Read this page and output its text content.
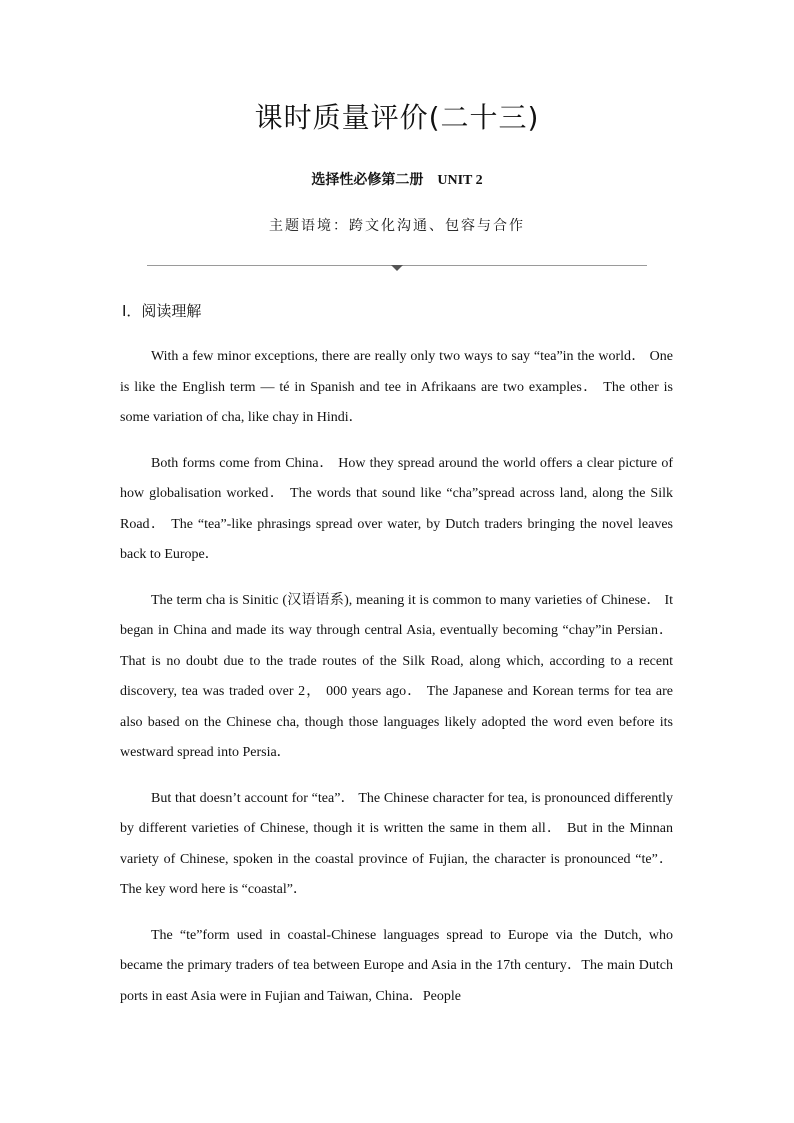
课时质量评价(二十三)
选择性必修第二册 UNIT 2
主题语境：跨文化沟通、包容与合作
Ⅰ．阅读理解

With a few minor exceptions, there are really only two ways to say “tea”in the world． One is like the English term — té in Spanish and tee in Afrikaans are two examples． The other is some variation of cha, like chay in Hindi．

Both forms come from China． How they spread around the world offers a clear picture of how globalisation worked． The words that sound like “cha”spread across land, along the Silk Road． The “tea”-like phrasings spread over water, by Dutch traders bringing the novel leaves back to Europe．

The term cha is Sinitic (汉语语系), meaning it is common to many varieties of Chinese． It began in China and made its way through central Asia, eventually becoming “chay”in Persian． That is no doubt due to the trade routes of the Silk Road, along which, according to a recent discovery, tea was traded over 2， 000 years ago． The Japanese and Korean terms for tea are also based on the Chinese cha, though those languages likely adopted the word even before its westward spread into Persia．

But that doesn’t account for “tea”． The Chinese character for tea, is pronounced differently by different varieties of Chinese, though it is written the same in them all． But in the Minnan variety of Chinese, spoken in the coastal province of Fujian, the character is pronounced “te”． The key word here is “coastal”．

The “te”form used in coastal-Chinese languages spread to Europe via the Dutch, who became the primary traders of tea between Europe and Asia in the 17th century．The main Dutch ports in east Asia were in Fujian and Taiwan, China．People
